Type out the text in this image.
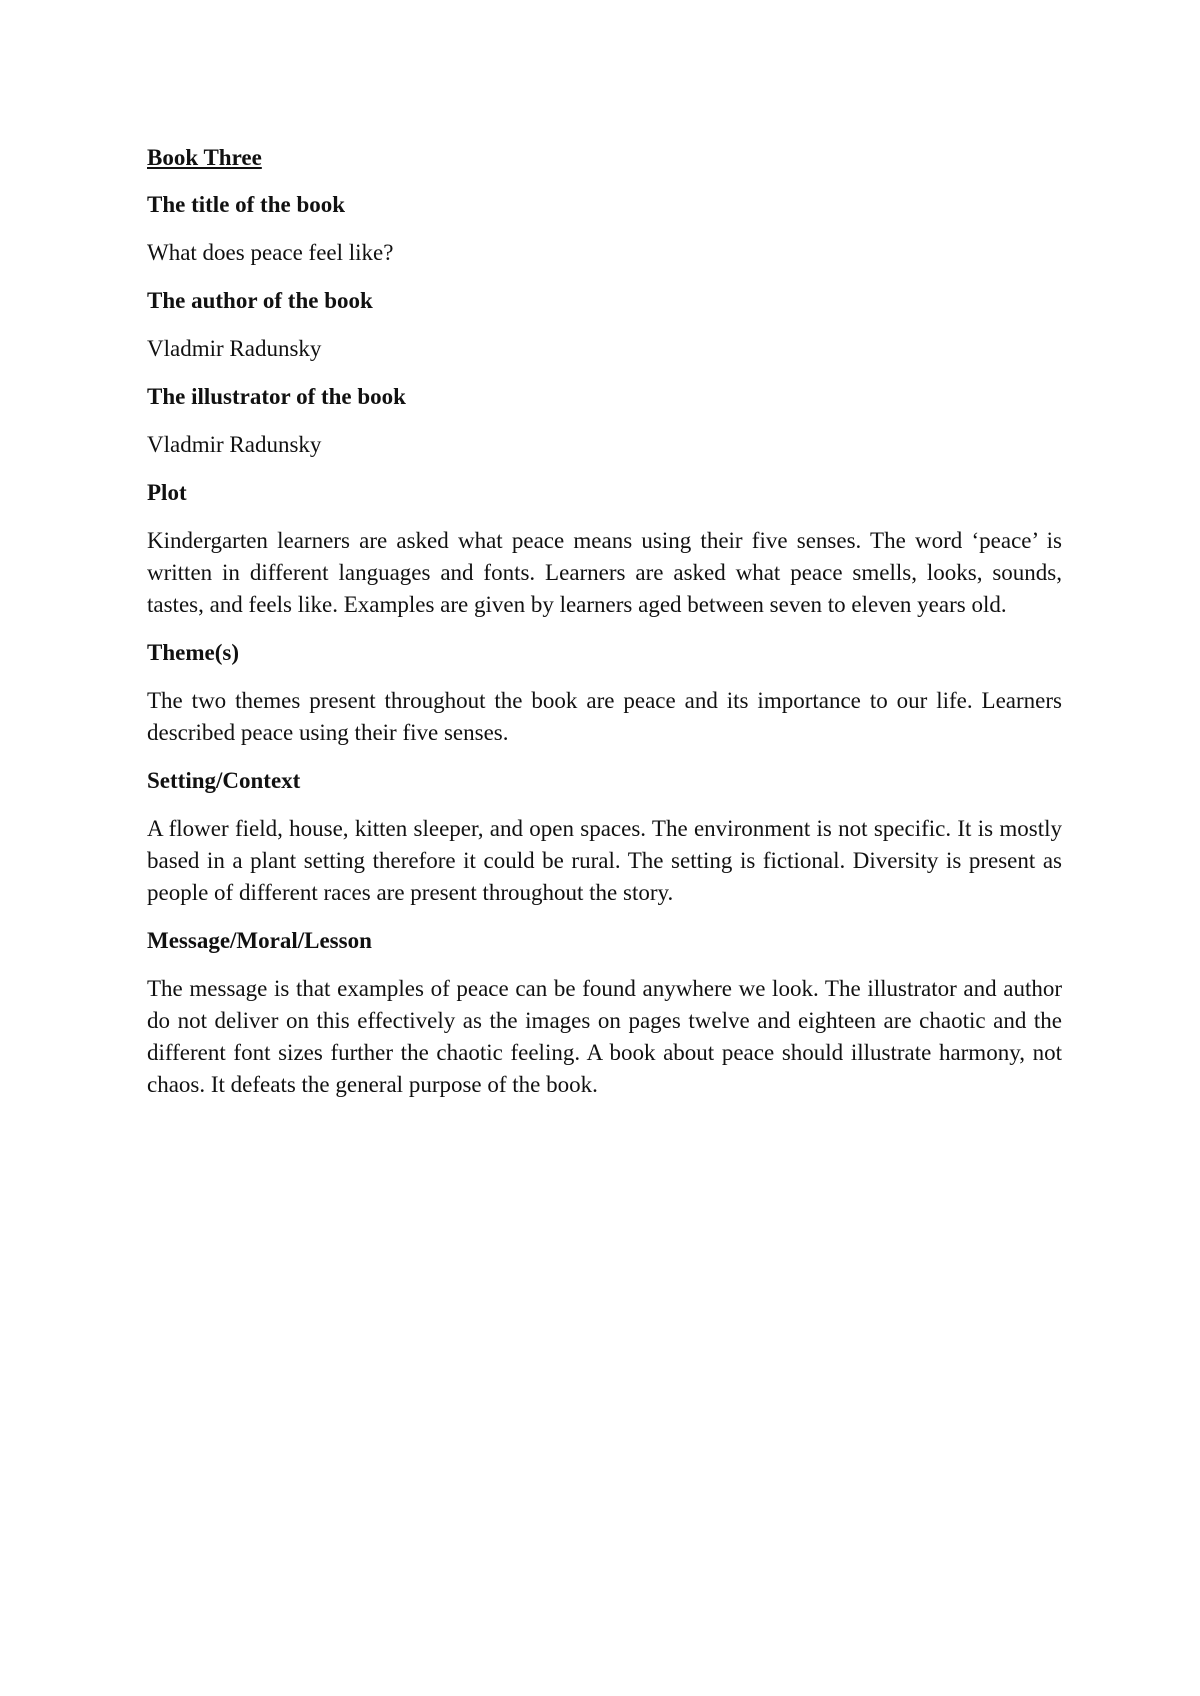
Book Three
The title of the book
What does peace feel like?
The author of the book
Vladmir Radunsky
The illustrator of the book
Vladmir Radunsky
Plot
Kindergarten learners are asked what peace means using their five senses. The word ‘peace’ is written in different languages and fonts. Learners are asked what peace smells, looks, sounds, tastes, and feels like. Examples are given by learners aged between seven to eleven years old.
Theme(s)
The two themes present throughout the book are peace and its importance to our life. Learners described peace using their five senses.
Setting/Context
A flower field, house, kitten sleeper, and open spaces. The environment is not specific. It is mostly based in a plant setting therefore it could be rural. The setting is fictional. Diversity is present as people of different races are present throughout the story.
Message/Moral/Lesson
The message is that examples of peace can be found anywhere we look. The illustrator and author do not deliver on this effectively as the images on pages twelve and eighteen are chaotic and the different font sizes further the chaotic feeling. A book about peace should illustrate harmony, not chaos. It defeats the general purpose of the book.
